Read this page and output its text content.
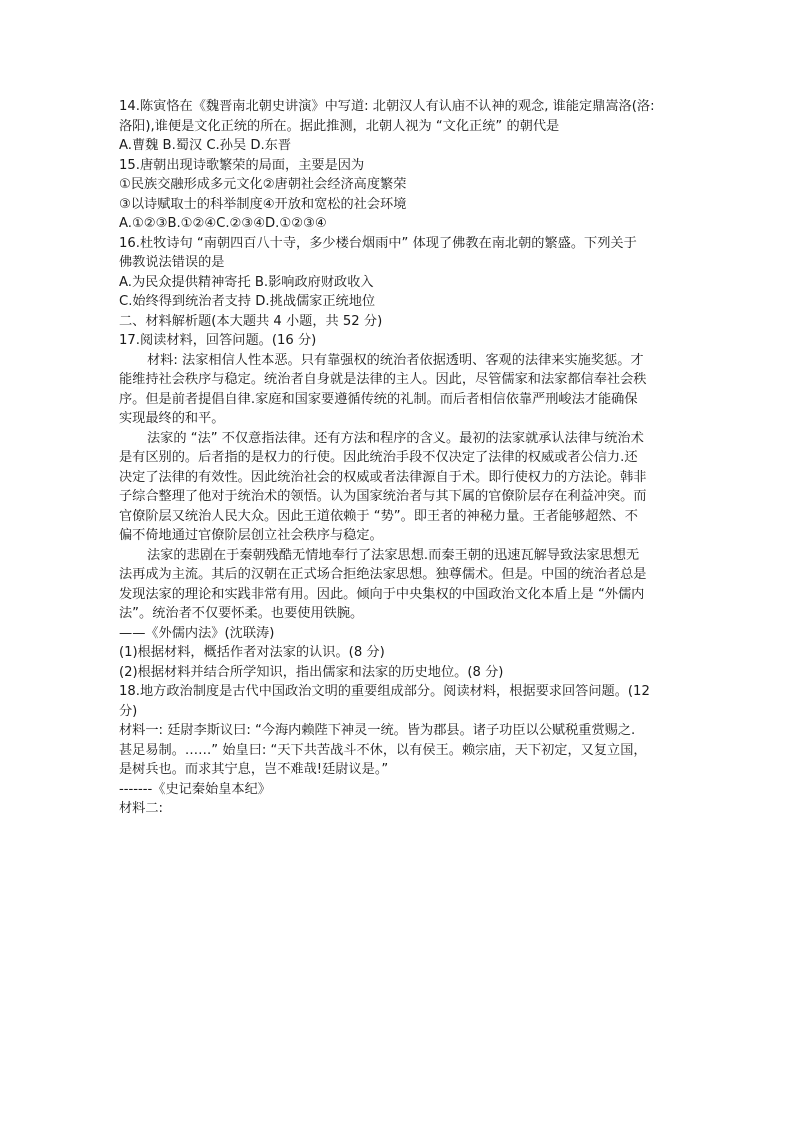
14.陈寅恪在《魏晋南北朝史讲演》中写道: 北朝汉人有认庙不认神的观念, 谁能定鼎嵩洛(洛:
洛阳),谁便是文化正统的所在。据此推测，北朝人视为 “文化正统” 的朝代是
A.曹魏 B.蜀汉 C.孙吴 D.东晋
15.唐朝出现诗歌繁荣的局面，主要是因为
①民族交融形成多元文化②唐朝社会经济高度繁荣
③以诗赋取士的科举制度④开放和宽松的社会环境
A.①②③B.①②④C.②③④D.①②③④
16.杜牧诗句 “南朝四百八十寺，多少楼台烟雨中” 体现了佛教在南北朝的繁盛。下列关于
佛教说法错误的是
A.为民众提供精神寄托 B.影响政府财政收入
C.始终得到统治者支持 D.挑战儒家正统地位
二、材料解析题(本大题共 4 小题，共 52 分)
17.阅读材料，回答问题。(16 分)
材料: 法家相信人性本恶。只有靠强权的统治者依据透明、客观的法律来实施奖惩。才
能维持社会秩序与稳定。统治者自身就是法律的主人。因此，尽管儒家和法家都信奉社会秩
序。但是前者提倡自律.家庭和国家要遵循传统的礼制。而后者相信依靠严刑峻法才能确保
实现最终的和平。
法家的 “法” 不仅意指法律。还有方法和程序的含义。最初的法家就承认法律与统治术
是有区别的。后者指的是权力的行使。因此统治手段不仅决定了法律的权威或者公信力.还
决定了法律的有效性。因此统治社会的权威或者法律源自于术。即行使权力的方法论。韩非
子综合整理了他对于统治术的领悟。认为国家统治者与其下属的官僚阶层存在利益冲突。而
官僚阶层又统治人民大众。因此王道依赖于 “势”。即王者的神秘力量。王者能够超然、不
偏不倚地通过官僚阶层创立社会秩序与稳定。
法家的悲剧在于秦朝残酷无情地奉行了法家思想.而秦王朝的迅速瓦解导致法家思想无
法再成为主流。其后的汉朝在正式场合拒绝法家思想。独尊儒术。但是。中国的统治者总是
发现法家的理论和实践非常有用。因此。倾向于中央集权的中国政治文化本盾上是 “外儒内
法”。统治者不仅要怀柔。也要使用铁腕。
——《外儒内法》(沈联涛)
(1)根据材料，概括作者对法家的认识。(8 分)
(2)根据材料并结合所学知识，指出儒家和法家的历史地位。(8 分)
18.地方政治制度是古代中国政治文明的重要组成部分。阅读材料，根据要求回答问题。(12
分)
材料一: 廷尉李斯议曰: “今海内赖陛下神灵一统。皆为郡县。诸子功臣以公赋税重赏赐之.
甚足易制。……” 始皇曰: “天下共苦战斗不休，以有侯王。赖宗庙，天下初定，又复立国，
是树兵也。而求其宁息，岂不难哉!廷尉议是。”
-------《史记秦始皇本纪》
材料二:
